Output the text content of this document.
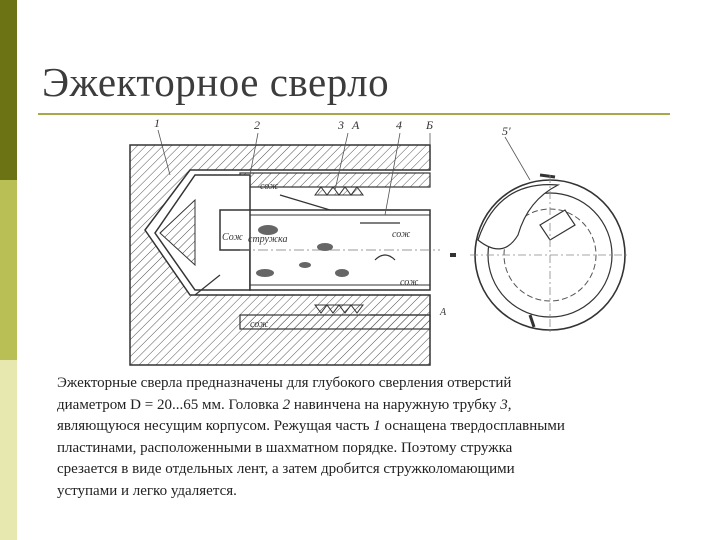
Эжекторное сверло
1	2	3 А	4 Б	5'
сож
Сож стружка	сож
сож
сож
А

Эжекторные сверла предназначены для глубокого сверления отверстий

диаметром D = 20...65 мм. Головка 2 навинчена на наружную трубку 3,

являющуюся несущим корпусом. Режущая часть 1 оснащена твердосплавными

пластинами, расположенными в шахматном порядке. Поэтому стружка

срезается в виде отдельных лент, а затем дробится стружколомающими

уступами и легко удаляется.
